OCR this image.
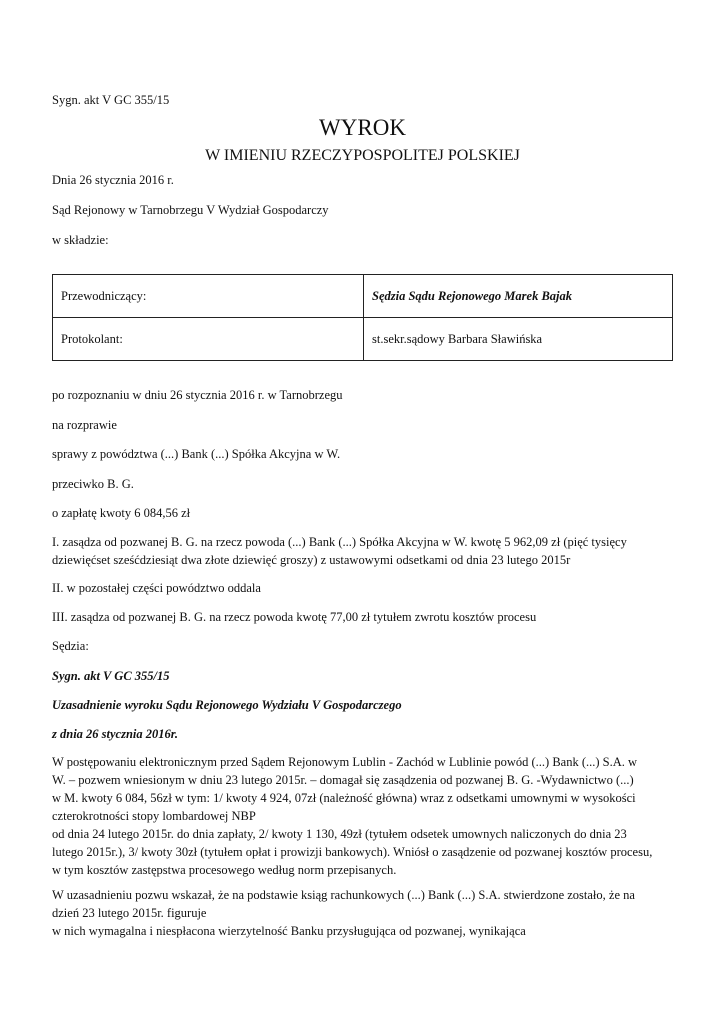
Sygn. akt V GC 355/15
WYROK
W IMIENIU RZECZYPOSPOLITEJ POLSKIEJ
Dnia 26 stycznia 2016 r.
Sąd Rejonowy w Tarnobrzegu V Wydział Gospodarczy
w składzie:
Przewodniczący:	Sędzia Sądu Rejonowego Marek Bajak
Protokolant:	st.sekr.sądowy Barbara Sławińska
po rozpoznaniu w dniu 26 stycznia 2016 r. w Tarnobrzegu
na rozprawie
sprawy z powództwa (...) Bank (...) Spółka Akcyjna w W.
przeciwko B. G.
o zapłatę kwoty 6 084,56 zł
I. zasądza od pozwanej B. G. na rzecz powoda (...) Bank (...) Spółka Akcyjna w W. kwotę 5 962,09 zł (pięć tysięcy
dziewięćset sześćdziesiąt dwa złote dziewięć groszy) z ustawowymi odsetkami od dnia 23 lutego 2015r
II. w pozostałej części powództwo oddala
III. zasądza od pozwanej B. G. na rzecz powoda kwotę 77,00 zł tytułem zwrotu kosztów procesu
Sędzia:
Sygn. akt V GC 355/15
Uzasadnienie wyroku Sądu Rejonowego Wydziału V Gospodarczego
z dnia 26 stycznia 2016r.

W postępowaniu elektronicznym przed Sądem Rejonowym Lublin - Zachód w Lublinie powód (...) Bank (...) S.A. w

W. – pozwem wniesionym w dniu 23 lutego 2015r. – domagał się zasądzenia od pozwanej B. G. -Wydawnictwo (...)

w M. kwoty 6 084, 56zł w tym: 1/ kwoty 4 924, 07zł (należność główna) wraz z odsetkami umownymi w wysokości

czterokrotności stopy lombardowej NBP

od dnia 24 lutego 2015r. do dnia zapłaty, 2/ kwoty 1 130, 49zł (tytułem odsetek umownych naliczonych do dnia 23

lutego 2015r.), 3/ kwoty 30zł (tytułem opłat i prowizji bankowych). Wniósł o zasądzenie od pozwanej kosztów procesu,

w tym kosztów zastępstwa procesowego według norm przepisanych.

W uzasadnieniu pozwu wskazał, że na podstawie ksiąg rachunkowych (...) Bank (...) S.A. stwierdzone zostało, że na

dzień 23 lutego 2015r. figuruje

w nich wymagalna i niespłacona wierzytelność Banku przysługująca od pozwanej, wynikająca
